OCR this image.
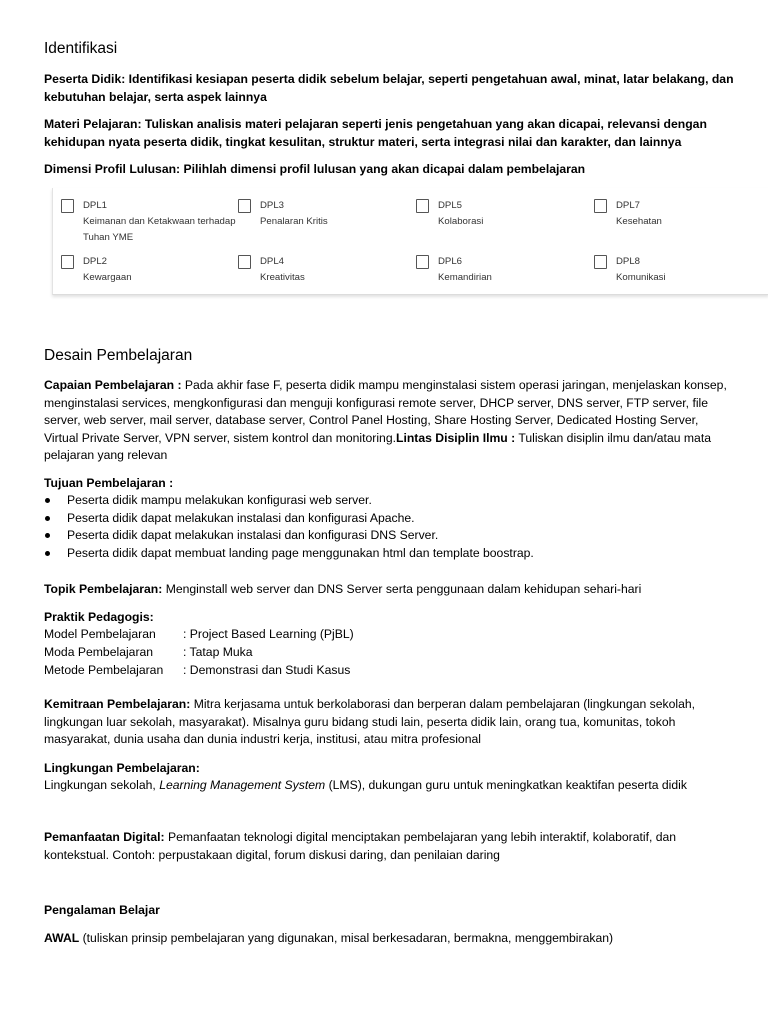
Identifikasi
Peserta Didik: Identifikasi kesiapan peserta didik sebelum belajar, seperti pengetahuan awal, minat, latar belakang, dan kebutuhan belajar, serta aspek lainnya
Materi Pelajaran: Tuliskan analisis materi pelajaran seperti jenis pengetahuan yang akan dicapai, relevansi dengan kehidupan nyata peserta didik, tingkat kesulitan, struktur materi, serta integrasi nilai dan karakter, dan lainnya
Dimensi Profil Lulusan: Pilihlah dimensi profil lulusan yang akan dicapai dalam pembelajaran
Desain Pembelajaran
Capaian Pembelajaran : Pada akhir fase F, peserta didik mampu menginstalasi sistem operasi jaringan, menjelaskan konsep, menginstalasi services, mengkonfigurasi dan menguji konfigurasi remote server, DHCP server, DNS server, FTP server, file server, web server, mail server, database server, Control Panel Hosting, Share Hosting Server, Dedicated Hosting Server, Virtual Private Server, VPN server, sistem kontrol dan monitoring.Lintas Disiplin Ilmu : Tuliskan disiplin ilmu dan/atau mata pelajaran yang relevan
Tujuan Pembelajaran :
Peserta didik mampu melakukan konfigurasi web server.
Peserta didik dapat melakukan instalasi dan konfigurasi Apache.
Peserta didik dapat melakukan instalasi dan konfigurasi DNS Server.
Peserta didik dapat membuat landing page menggunakan html dan template boostrap.
Topik Pembelajaran: Menginstall web server dan DNS Server serta penggunaan dalam kehidupan sehari-hari
Praktik Pedagogis:
Model Pembelajaran : Project Based Learning (PjBL)
Moda Pembelajaran : Tatap Muka
Metode Pembelajaran : Demonstrasi dan Studi Kasus
Kemitraan Pembelajaran: Mitra kerjasama untuk berkolaborasi dan berperan dalam pembelajaran (lingkungan sekolah, lingkungan luar sekolah, masyarakat). Misalnya guru bidang studi lain, peserta didik lain, orang tua, komunitas, tokoh masyarakat, dunia usaha dan dunia industri kerja, institusi, atau mitra profesional
Lingkungan Pembelajaran:
Lingkungan sekolah, Learning Management System (LMS), dukungan guru untuk meningkatkan keaktifan peserta didik
Pemanfaatan Digital: Pemanfaatan teknologi digital menciptakan pembelajaran yang lebih interaktif, kolaboratif, dan kontekstual. Contoh: perpustakaan digital, forum diskusi daring, dan penilaian daring
Pengalaman Belajar
AWAL (tuliskan prinsip pembelajaran yang digunakan, misal berkesadaran, bermakna, menggembirakan)
DPL1
Keimanan dan Ketakwaan terhadap
Tuhan YME
DPL3
Penalaran Kritis
DPL5
Kolaborasi
DPL7
Kesehatan
DPL2
Kewargaan
DPL4
Kreativitas
DPL6
Kemandirian
DPL8
Komunikasi
